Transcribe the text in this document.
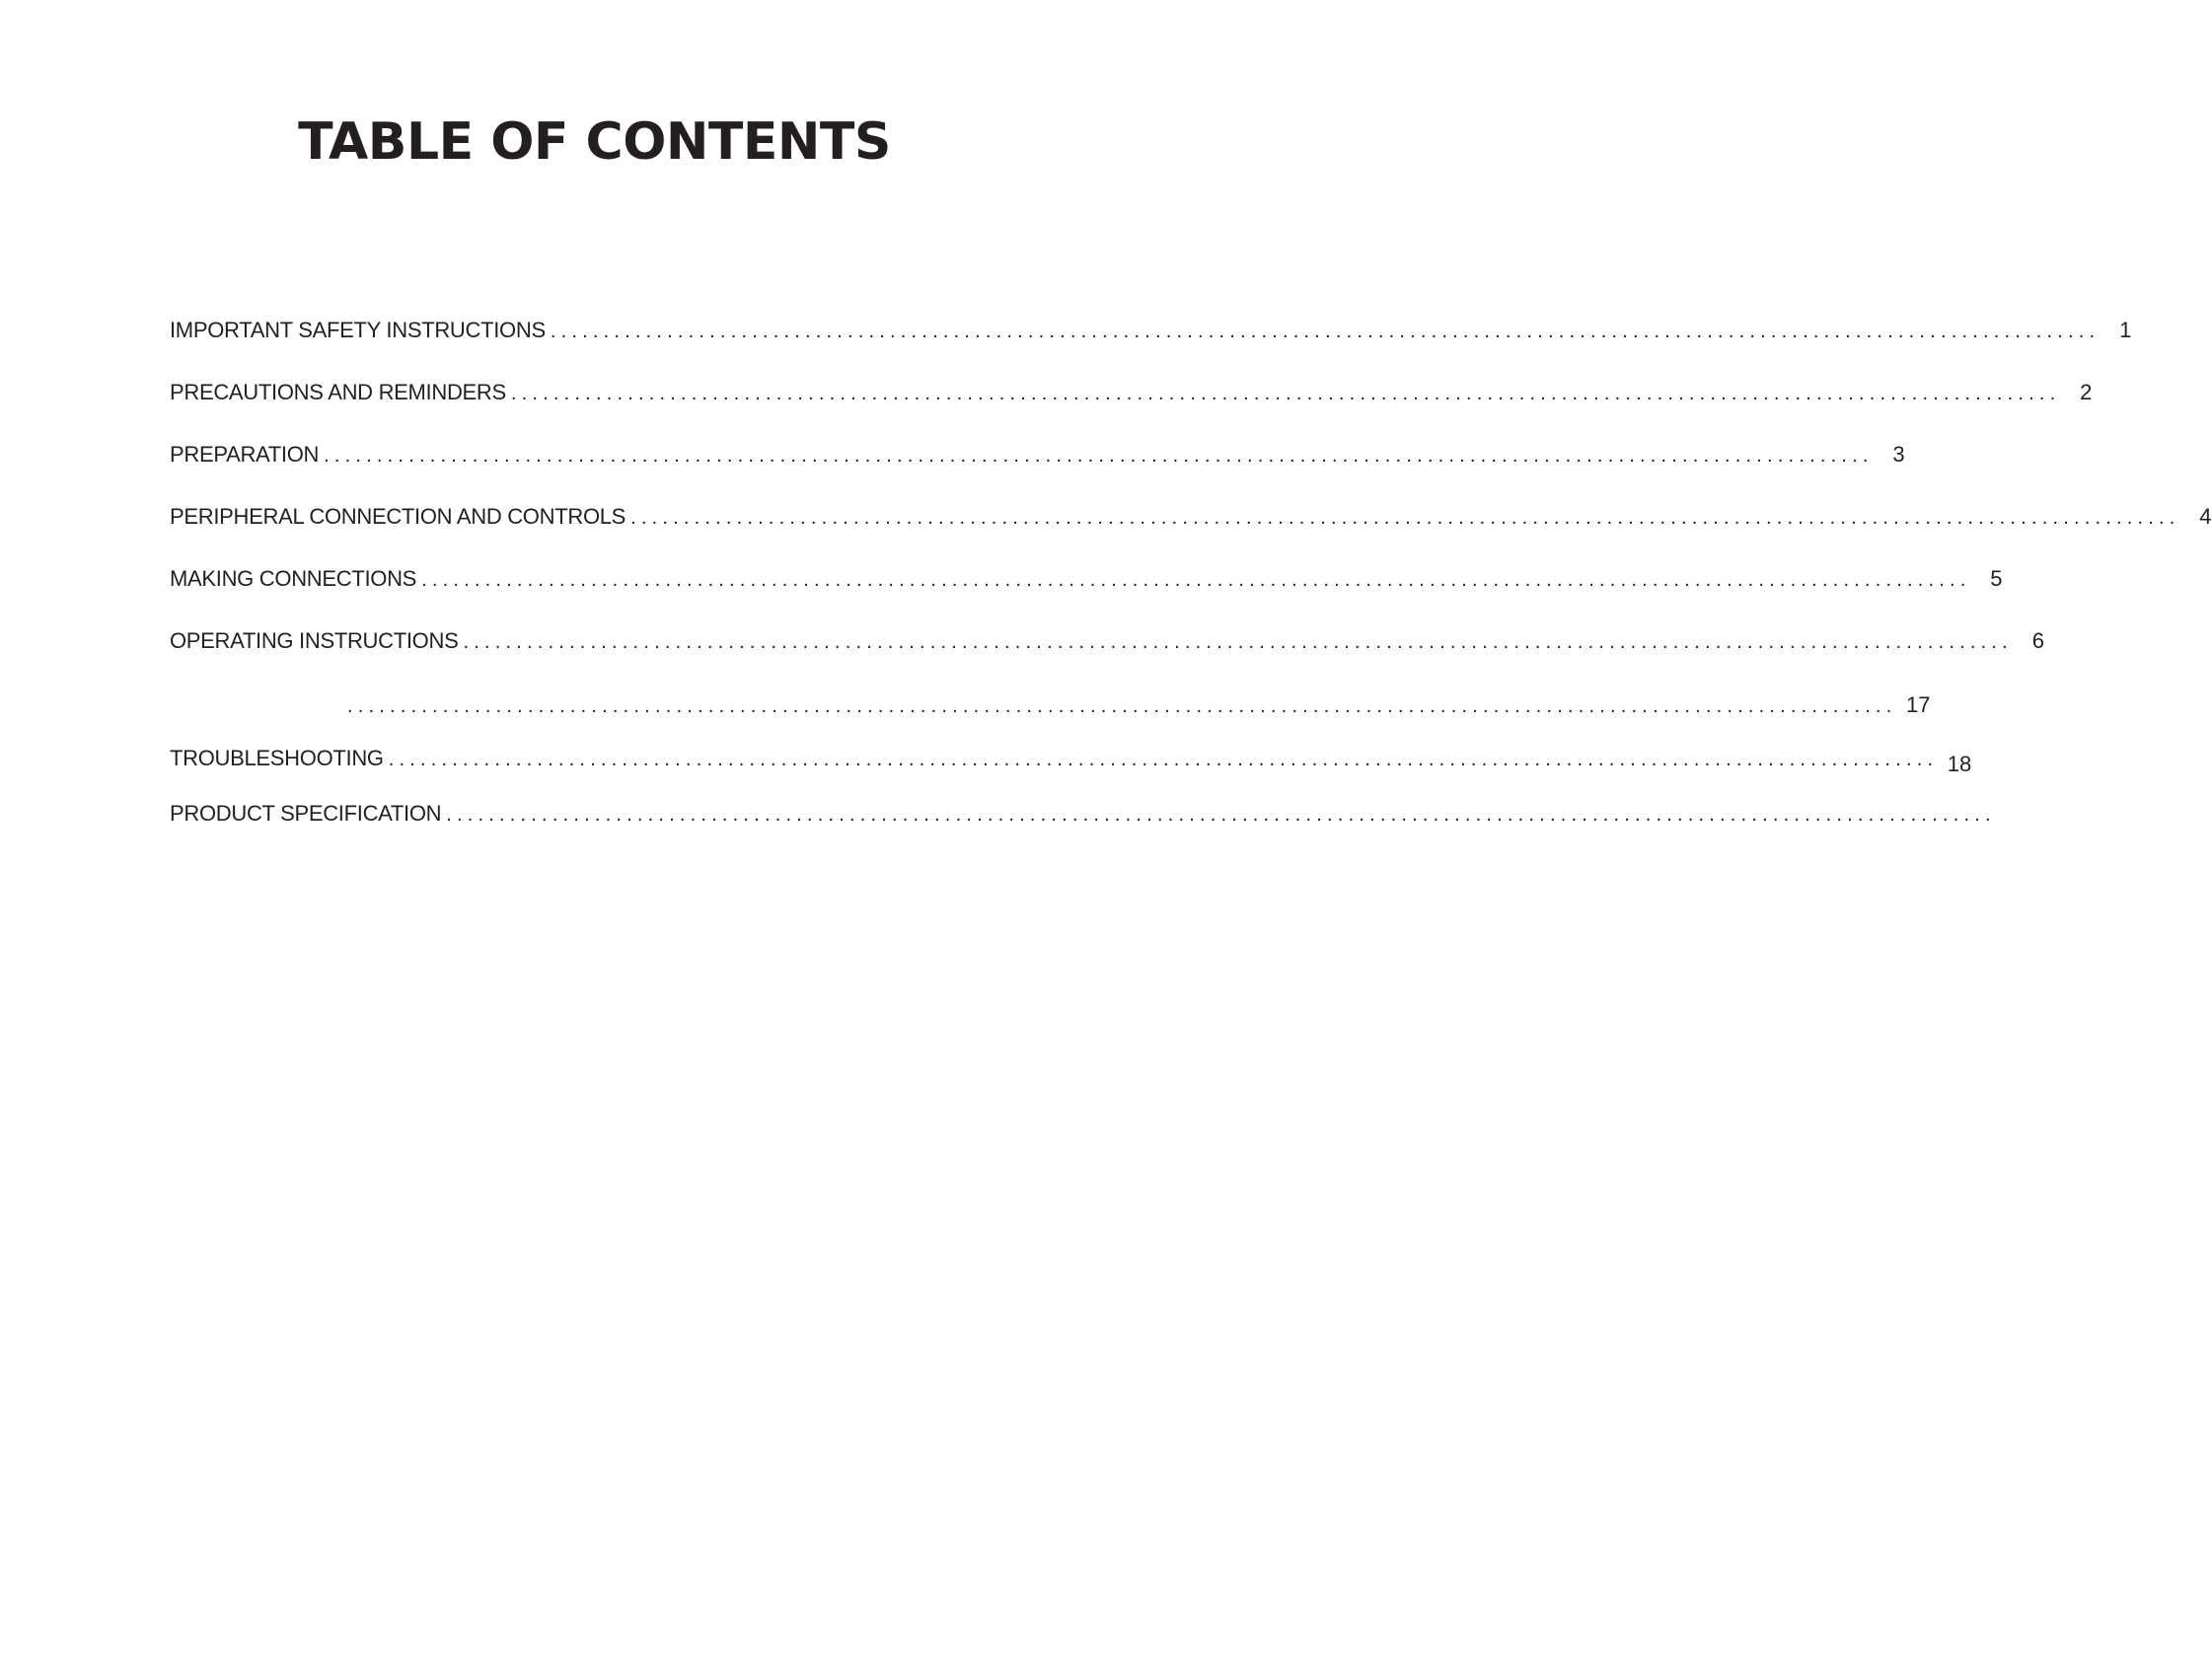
TABLE OF CONTENTS
IMPORTANT SAFETY INSTRUCTIONS .................................................................................................................................................. 1
PRECAUTIONS AND REMINDERS .................................................................................................................................................. 2
PREPARATION .................................................................................................................................................. 3
PERIPHERAL CONNECTION AND CONTROLS .................................................................................................................................................. 4
MAKING CONNECTIONS .................................................................................................................................................. 5
OPERATING INSTRUCTIONS .................................................................................................................................................. 6
.................................................................................................................................................. 17
TROUBLESHOOTING .................................................................................................................................................. 18
PRODUCT SPECIFICATION ..................................................................................................................................................
